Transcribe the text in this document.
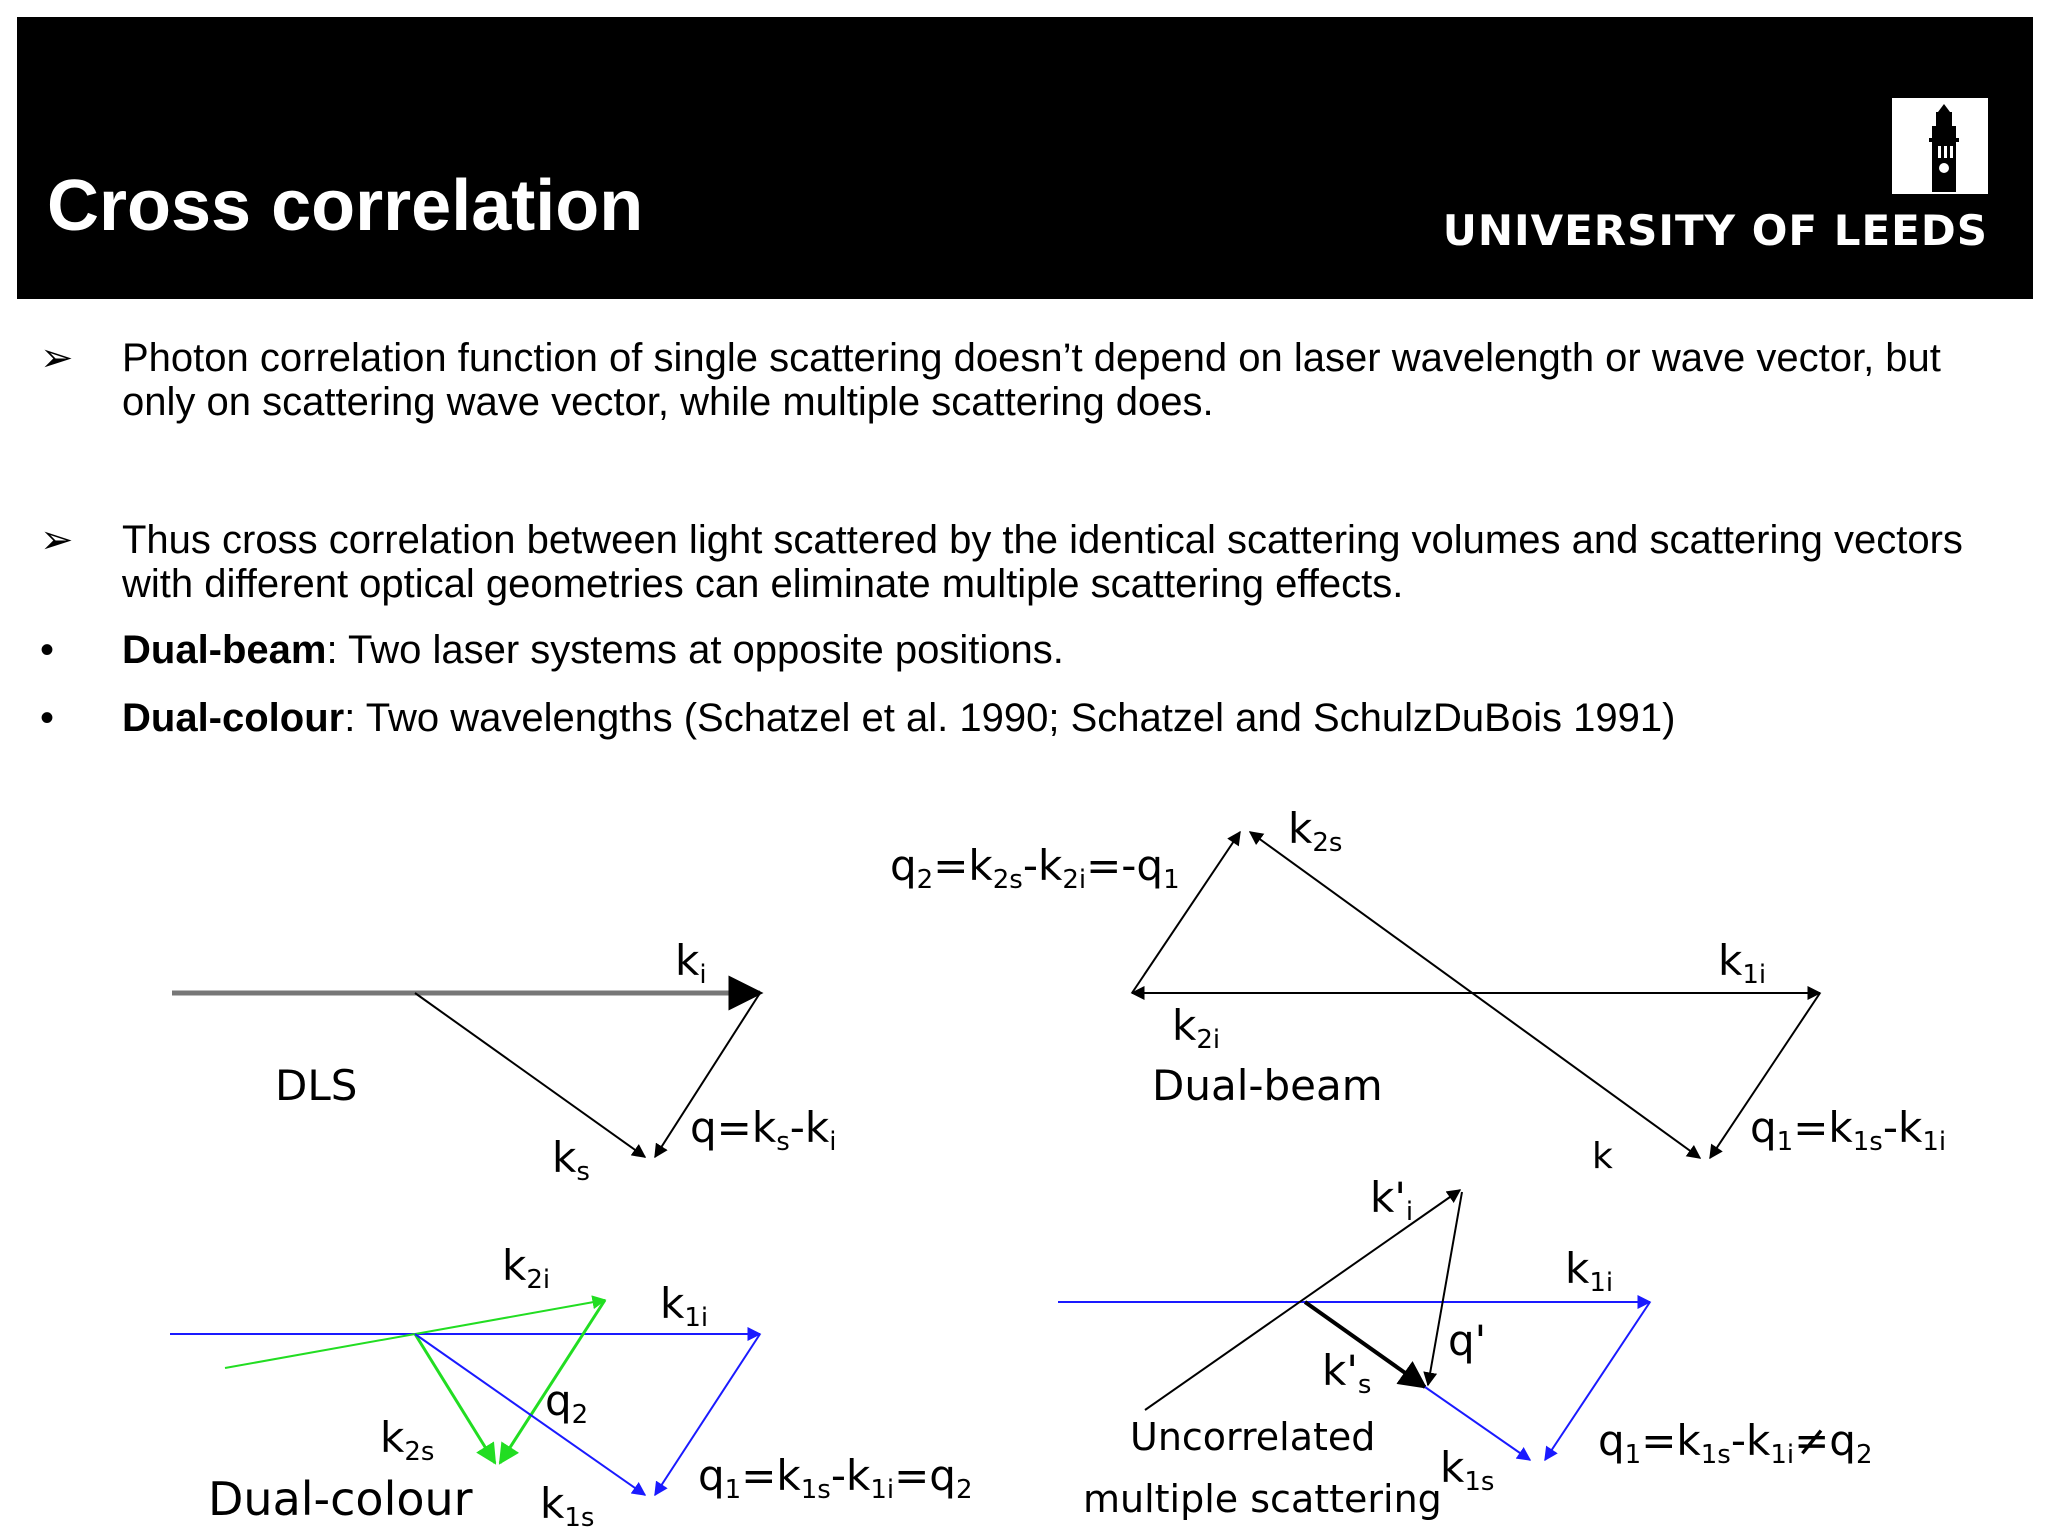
Cross correlation	UNIVERSITY OF LEEDS
➢	Photon correlation function of single scattering doesn’t depend on laser wavelength or wave vector, but only on scattering wave vector, while multiple scattering does.
➢	Thus cross correlation between light scattered by the identical scattering volumes and scattering vectors with different optical geometries can eliminate multiple scattering effects.
•	Dual-beam: Two laser systems at opposite positions.
•	Dual-colour: Two wavelengths (Schatzel et al. 1990; Schatzel and SchulzDuBois 1991)
ki
DLS
ks
q=ks-ki
q2=k2s-k2i=-q1
k2s
k1i
k2i
Dual-beam
q1=k1s-k1i
k
k2i	k1i
q2
k2s
Dual-colour k1s
q1=k1s-k1i=q2
k'i
k1i
q'
k's
Uncorrelated
multiple scattering
k1s
q1=k1s-k1i≠q2
